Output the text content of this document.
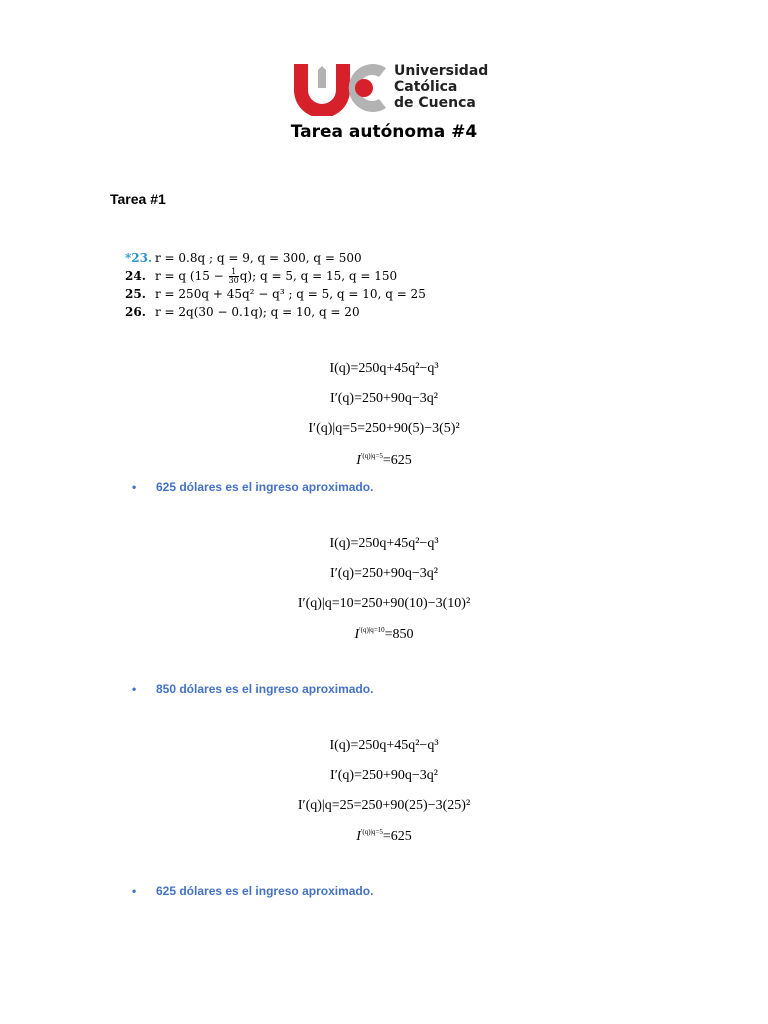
Universidad
Católica
de Cuenca
Tarea autónoma #4
Tarea #1
*23. r = 0.8q ; q = 9, q = 300, q = 500
24. r = q $(15 - \frac{1}{30} q)$; q = 5, q = 15, q = 150
25. r = 250q + 45q² − q³ ; q = 5, q = 10, q = 25
26. r = 2q(30 − 0.1q); q = 10, q = 20
I(q)=250q+45q²−q³
I′(q)=250+90q−3q²
I′(q)|q=5=250+90(5)−3(5)²
$I^{'(q)|q=5}=625$
• 625 dólares es el ingreso aproximado.
I(q)=250q+45q²−q³
I′(q)=250+90q−3q²
I′(q)|q=10=250+90(10)−3(10)²
$I^{'(q)|q=10}=850$
• 850 dólares es el ingreso aproximado.
I(q)=250q+45q²−q³
I′(q)=250+90q−3q²
I′(q)|q=25=250+90(25)−3(25)²
$I^{'(q)|q=5}=625$
• 625 dólares es el ingreso aproximado.
